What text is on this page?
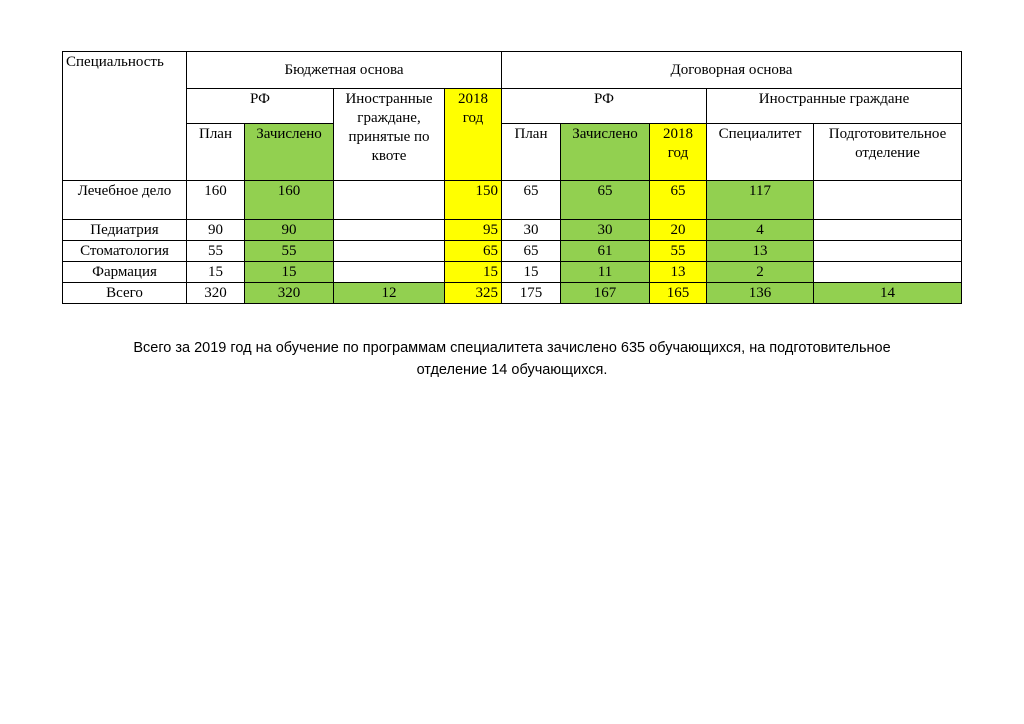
Специальность	Бюджетная основа				Договорная основа				
	РФ		Иностранные граждане, принятые по квоте	2018 год	РФ			Иностранные граждане	
	План	Зачислено			План	Зачислено	2018 год	Специалитет	Подготовительное отделение
Лечебное дело	160	160		150	65	65	65	117	
Педиатрия	90	90		95	30	30	20	4	
Стоматология	55	55		65	65	61	55	13	
Фармация	15	15		15	15	11	13	2	
Всего	320	320	12	325	175	167	165	136	14
Всего за 2019 год на обучение по программам специалитета зачислено 635 обучающихся, на подготовительное
отделение 14 обучающихся.
